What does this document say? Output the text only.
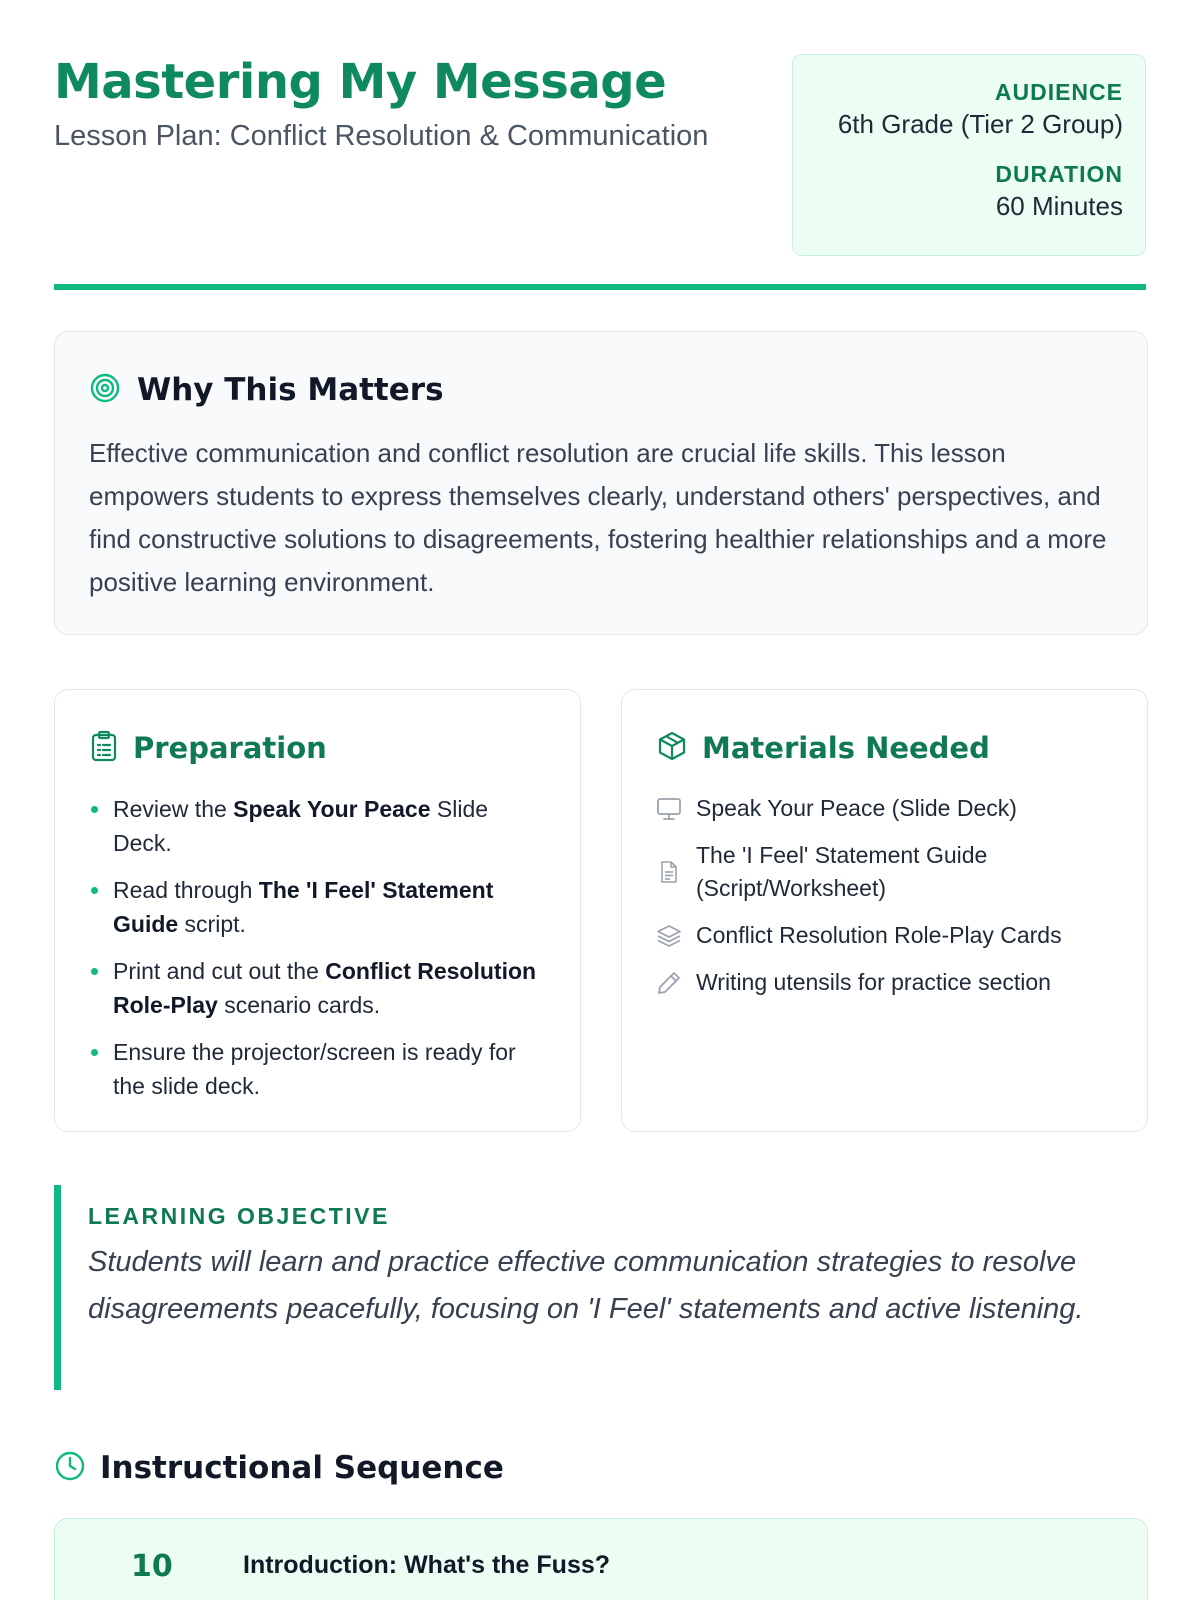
Mastering My Message
Lesson Plan: Conflict Resolution & Communication
AUDIENCE
6th Grade (Tier 2 Group)
DURATION
60 Minutes
Why This Matters
Effective communication and conflict resolution are crucial life skills. This lesson empowers students to express themselves clearly, understand others' perspectives, and find constructive solutions to disagreements, fostering healthier relationships and a more positive learning environment.
Preparation
Review the Speak Your Peace Slide Deck.
Read through The 'I Feel' Statement Guide script.
Print and cut out the Conflict Resolution Role-Play scenario cards.
Ensure the projector/screen is ready for the slide deck.
Materials Needed
Speak Your Peace (Slide Deck)
The 'I Feel' Statement Guide (Script/Worksheet)
Conflict Resolution Role-Play Cards
Writing utensils for practice section
LEARNING OBJECTIVE
Students will learn and practice effective communication strategies to resolve disagreements peacefully, focusing on 'I Feel' statements and active listening.
Instructional Sequence
10	Introduction: What's the Fuss?
